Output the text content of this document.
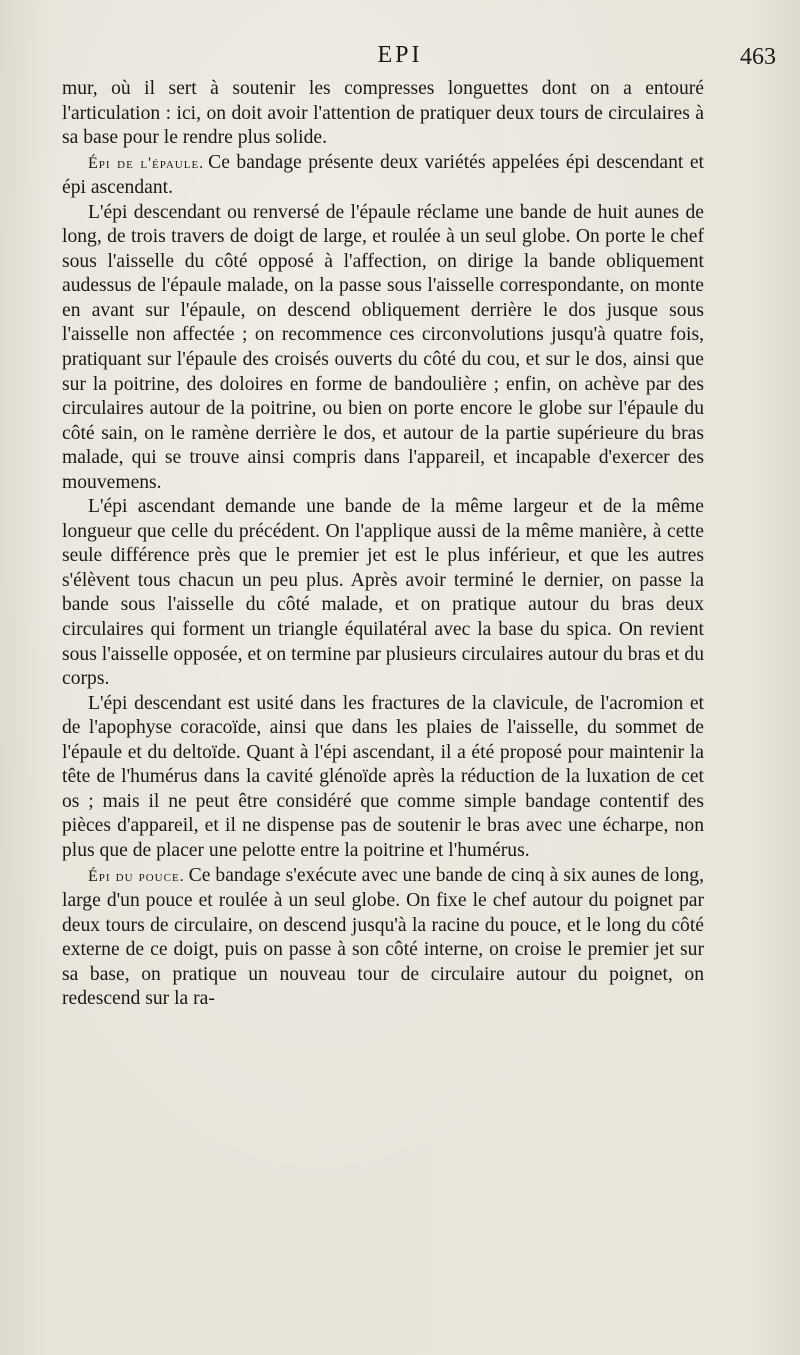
EPI	463

mur, où il sert à soutenir les compresses longuettes dont on a entouré l'articulation : ici, on doit avoir l'attention de pratiquer deux tours de circulaires à sa base pour le rendre plus solide.

Épi de l'épaule. Ce bandage présente deux variétés appelées épi descendant et épi ascendant.

L'épi descendant ou renversé de l'épaule réclame une bande de huit aunes de long, de trois travers de doigt de large, et roulée à un seul globe. On porte le chef sous l'aisselle du côté opposé à l'affection, on dirige la bande obliquement audessus de l'épaule malade, on la passe sous l'aisselle correspondante, on monte en avant sur l'épaule, on descend obliquement derrière le dos jusque sous l'aisselle non affectée ; on recommence ces circonvolutions jusqu'à quatre fois, pratiquant sur l'épaule des croisés ouverts du côté du cou, et sur le dos, ainsi que sur la poitrine, des doloires en forme de bandoulière ; enfin, on achève par des circulaires autour de la poitrine, ou bien on porte encore le globe sur l'épaule du côté sain, on le ramène derrière le dos, et autour de la partie supérieure du bras malade, qui se trouve ainsi compris dans l'appareil, et incapable d'exercer des mouvemens.

L'épi ascendant demande une bande de la même largeur et de la même longueur que celle du précédent. On l'applique aussi de la même manière, à cette seule différence près que le premier jet est le plus inférieur, et que les autres s'élèvent tous chacun un peu plus. Après avoir terminé le dernier, on passe la bande sous l'aisselle du côté malade, et on pratique autour du bras deux circulaires qui forment un triangle équilatéral avec la base du spica. On revient sous l'aisselle opposée, et on termine par plusieurs circulaires autour du bras et du corps.

L'épi descendant est usité dans les fractures de la clavicule, de l'acromion et de l'apophyse coracoïde, ainsi que dans les plaies de l'aisselle, du sommet de l'épaule et du deltoïde. Quant à l'épi ascendant, il a été proposé pour maintenir la tête de l'humérus dans la cavité glénoïde après la réduction de la luxation de cet os ; mais il ne peut être considéré que comme simple bandage contentif des pièces d'appareil, et il ne dispense pas de soutenir le bras avec une écharpe, non plus que de placer une pelotte entre la poitrine et l'humérus.

Épi du pouce. Ce bandage s'exécute avec une bande de cinq à six aunes de long, large d'un pouce et roulée à un seul globe. On fixe le chef autour du poignet par deux tours de circulaire, on descend jusqu'à la racine du pouce, et le long du côté externe de ce doigt, puis on passe à son côté interne, on croise le premier jet sur sa base, on pratique un nouveau tour de circulaire autour du poignet, on redescend sur la ra-
